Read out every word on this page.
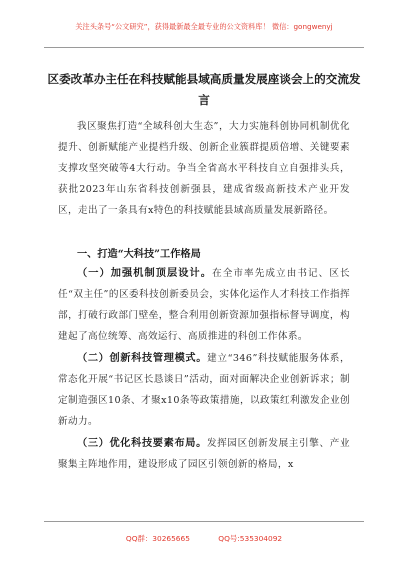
关注头条号“公文研究”，获得最新最全最专业的公文资料库！ 微信：gongwenyj
区委改革办主任在科技赋能县域高质量发展座谈会上的交流发言
我区聚焦打造“全域科创大生态”，大力实施科创协同机制优化提升、创新赋能产业提档升级、创新企业簇群提质倍增、关键要素支撑攻坚突破等4大行动。争当全省高水平科技自立自强排头兵，获批2023年山东省科技创新强县，建成省级高新技术产业开发区，走出了一条具有x特色的科技赋能县域高质量发展新路径。
一、打造“大科技”工作格局
（一）加强机制顶层设计。在全市率先成立由书记、区长任“双主任”的区委科技创新委员会，实体化运作人才科技工作指挥部，打破行政部门壁垒，整合利用创新资源加强指标督导调度，构建起了高位统筹、高效运行、高质推进的科创工作体系。
（二）创新科技管理模式。建立“346”科技赋能服务体系，常态化开展“书记区长恳谈日”活动，面对面解决企业创新诉求；制定制造强区10条、才聚x10条等政策措施，以政策红利激发企业创新动力。
（三）优化科技要素布局。发挥园区创新发展主引擎、产业聚集主阵地作用，建设形成了园区引领创新的格局，x
QQ群：30265665	QQ号:535304092
